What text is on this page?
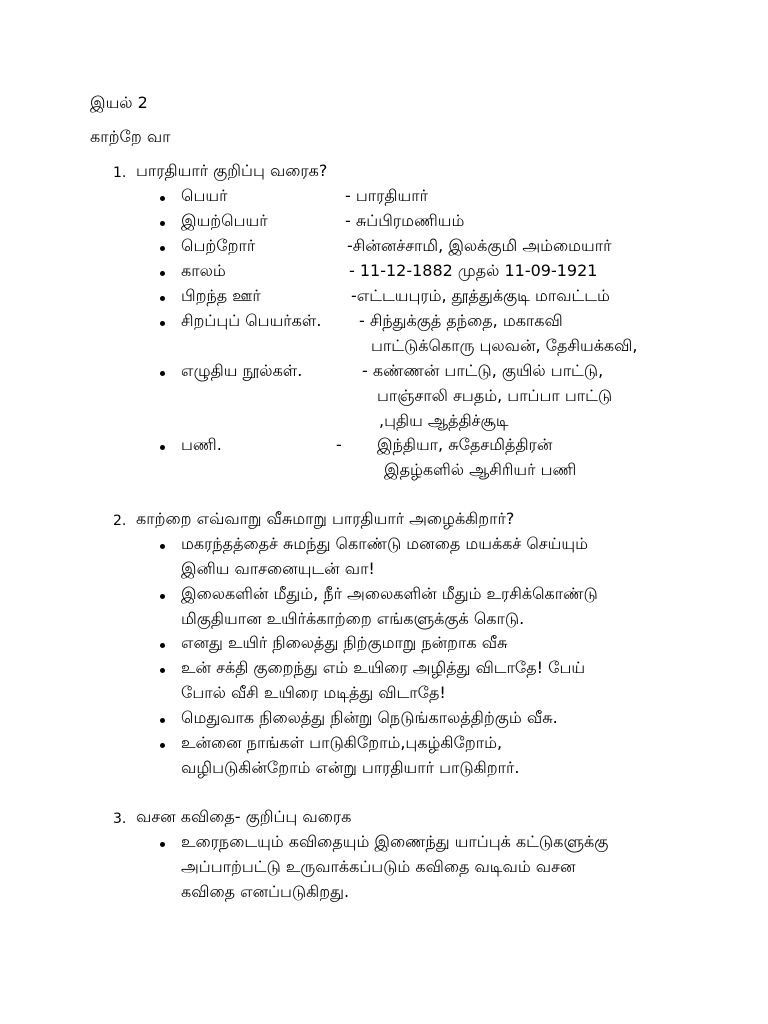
இயல் 2
காற்றே வா
1. பாரதியார் குறிப்பு வரைக?
பெயர்	- பாரதியார்
இயற்பெயர்	- சுப்பிரமணியம்
பெற்றோர்	-சின்னச்சாமி, இலக்குமி அம்மையார்
காலம்	- 11-12-1882 முதல் 11-09-1921
பிறந்த ஊர்	-எட்டயபுரம், தூத்துக்குடி மாவட்டம்
சிறப்புப் பெயர்கள். - சிந்துக்குத் தந்தை, மகாகவி
பாட்டுக்கொரு புலவன், தேசியக்கவி,
எழுதிய நூல்கள்.	- கண்ணன் பாட்டு, குயில் பாட்டு,
பாஞ்சாலி சபதம், பாப்பா பாட்டு
,புதிய ஆத்திச்சூடி
பணி.	- இந்தியா, சுதேசமித்திரன்
இதழ்களில் ஆசிரியர் பணி
2. காற்றை எவ்வாறு வீசுமாறு பாரதியார் அழைக்கிறார்?
மகரந்தத்தைச் சுமந்து கொண்டு மனதை மயக்கச் செய்யும்
இனிய வாசனையுடன் வா!
இலைகளின் மீதும், நீர் அலைகளின் மீதும் உரசிக்கொண்டு
மிகுதியான உயிர்க்காற்றை எங்களுக்குக் கொடு.
எனது உயிர் நிலைத்து நிற்குமாறு நன்றாக வீசு
உன் சக்தி குறைந்து எம் உயிரை அழித்து விடாதே! பேய்
போல் வீசி உயிரை மடித்து விடாதே!
மெதுவாக நிலைத்து நின்று நெடுங்காலத்திற்கும் வீசு.
உன்னை நாங்கள் பாடுகிறோம்,புகழ்கிறோம்,
வழிபடுகின்றோம் என்று பாரதியார் பாடுகிறார்.
3. வசன கவிதை- குறிப்பு வரைக
உரைநடையும் கவிதையும் இணைந்து யாப்புக் கட்டுகளுக்கு
அப்பாற்பட்டு உருவாக்கப்படும் கவிதை வடிவம் வசன
கவிதை எனப்படுகிறது.
